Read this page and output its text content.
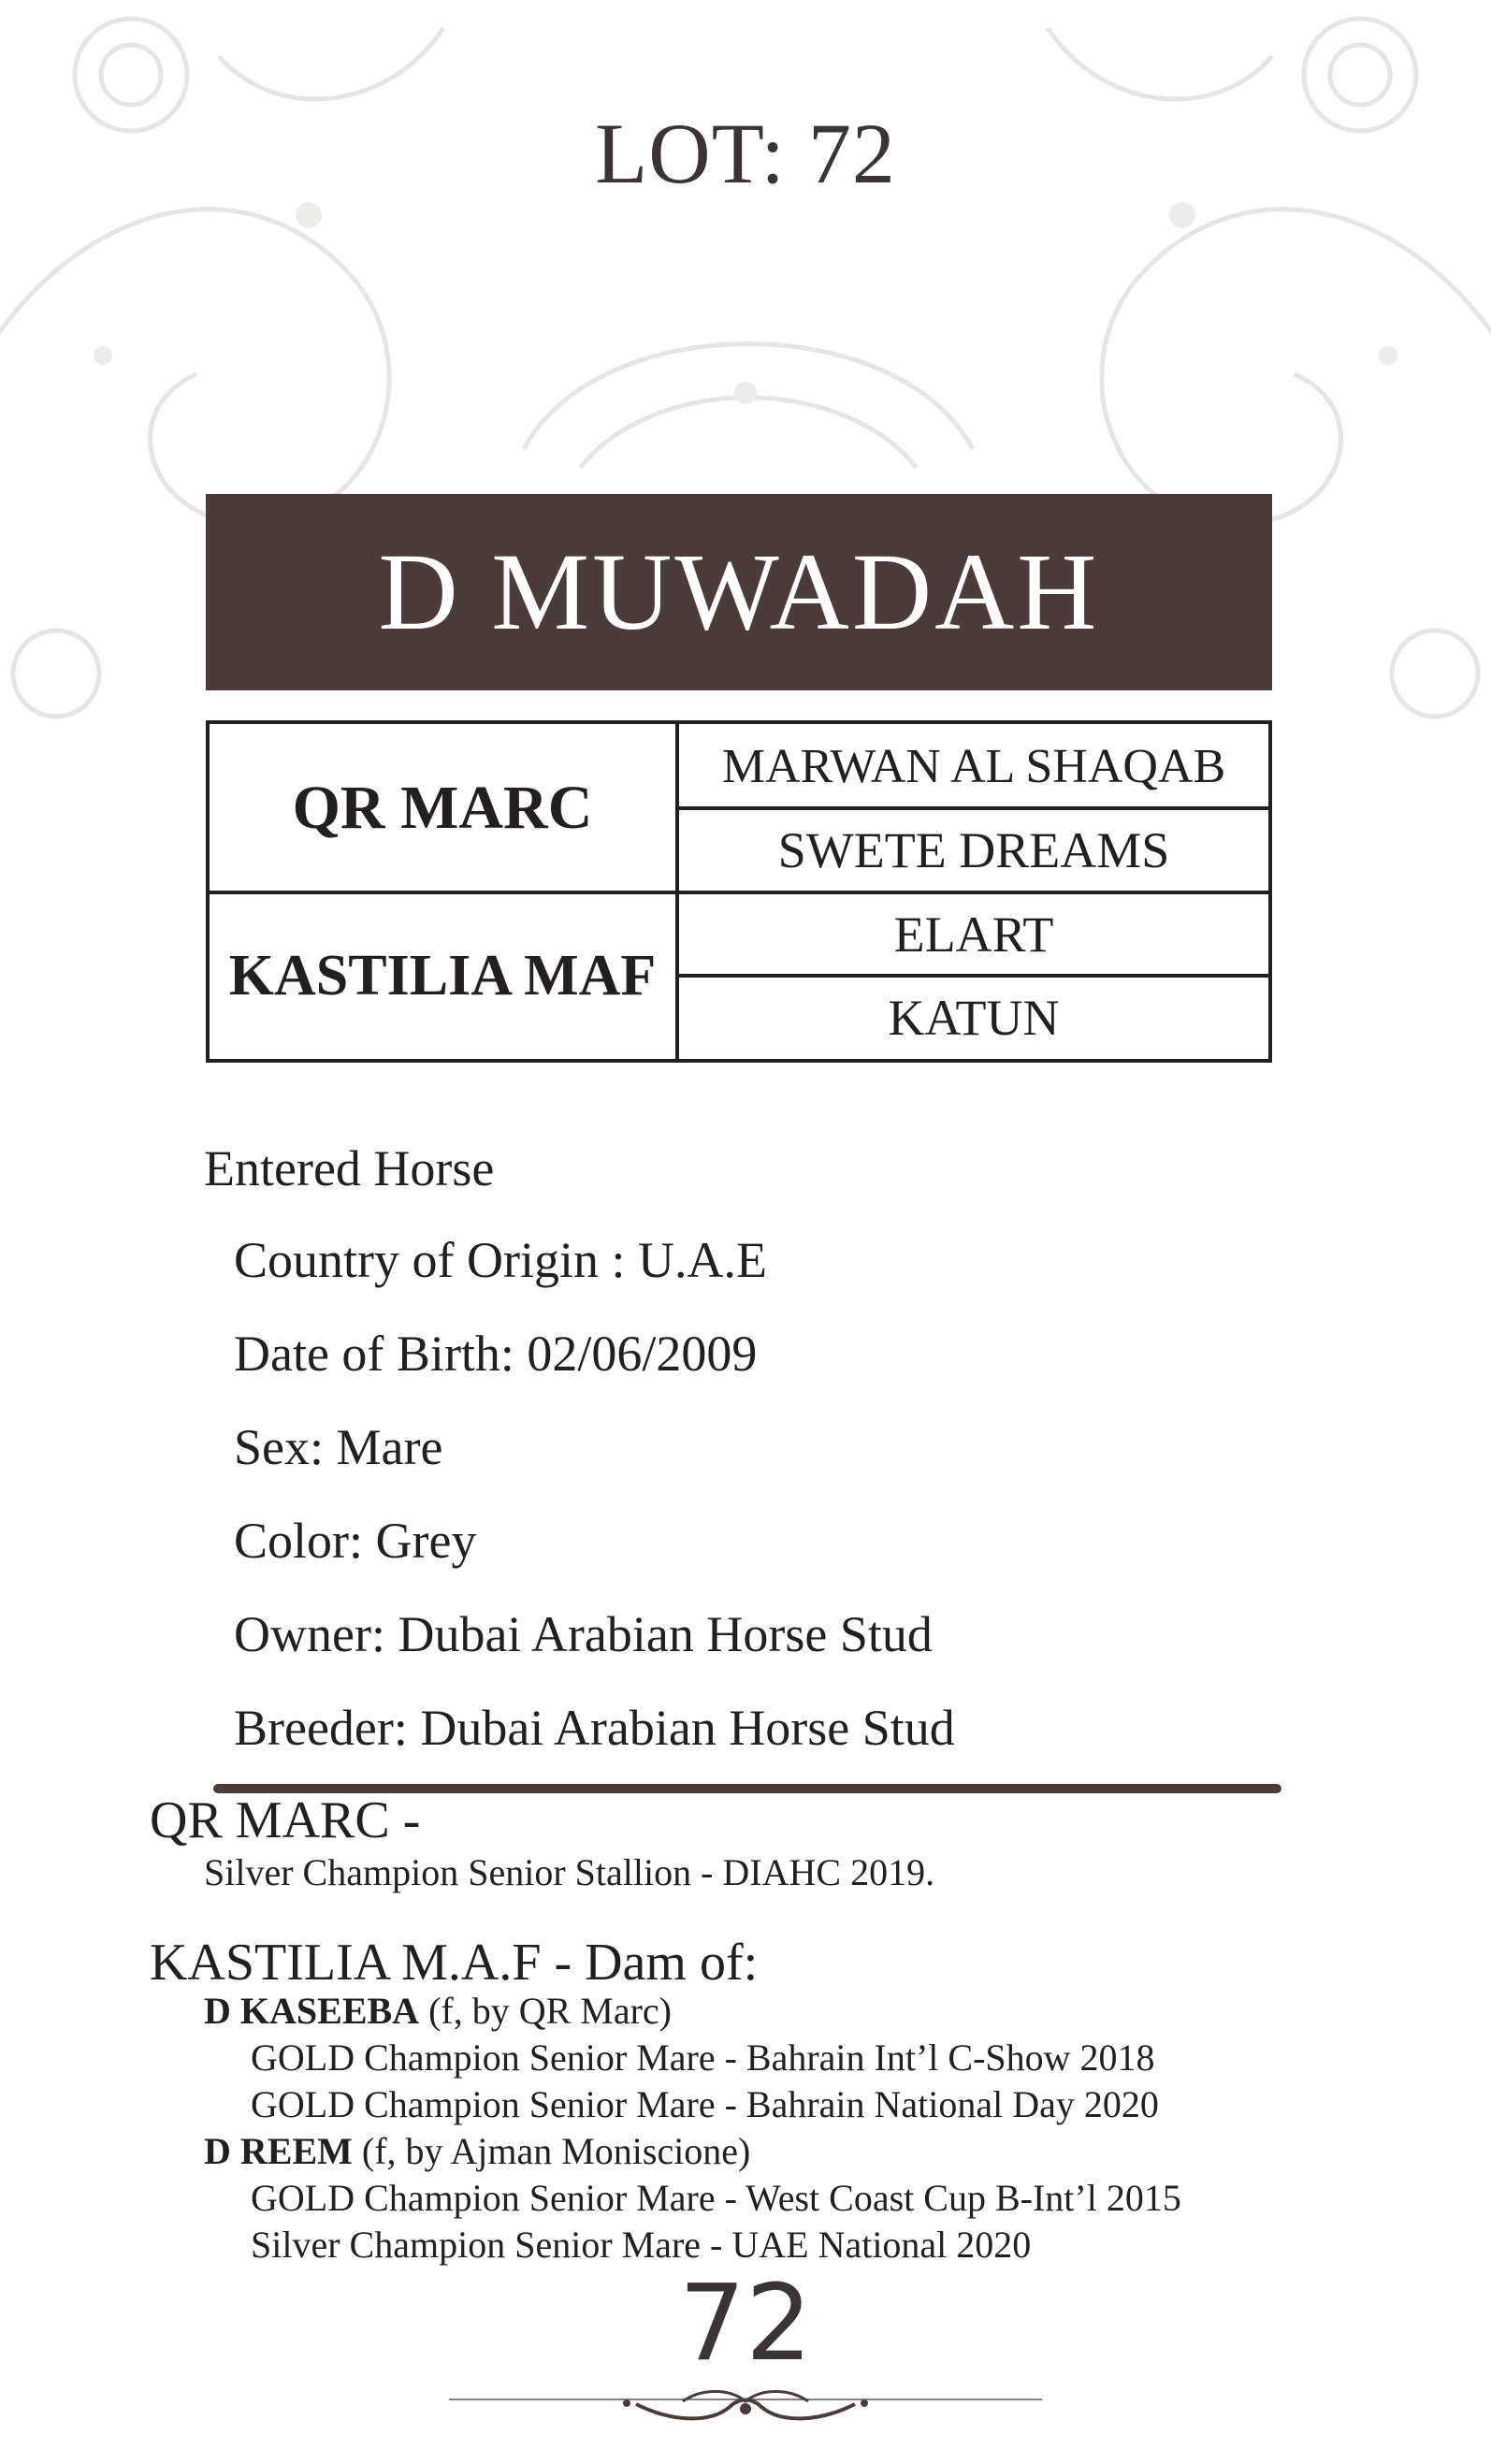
LOT: 72
D MUWADAH
QR MARC
KASTILIA MAF
MARWAN AL SHAQAB
SWETE DREAMS
ELART
KATUN
Entered Horse
Country of Origin : U.A.E
Date of Birth: 02/06/2009
Sex: Mare
Color: Grey
Owner: Dubai Arabian Horse Stud
Breeder: Dubai Arabian Horse Stud
QR MARC -
Silver Champion Senior Stallion - DIAHC 2019.
KASTILIA M.A.F - Dam of:
D KASEEBA (f, by QR Marc)
GOLD Champion Senior Mare - Bahrain Int’l C-Show 2018
GOLD Champion Senior Mare - Bahrain National Day 2020
D REEM (f, by Ajman Moniscione)
GOLD Champion Senior Mare - West Coast Cup B-Int’l 2015
Silver Champion Senior Mare - UAE National 2020
72
